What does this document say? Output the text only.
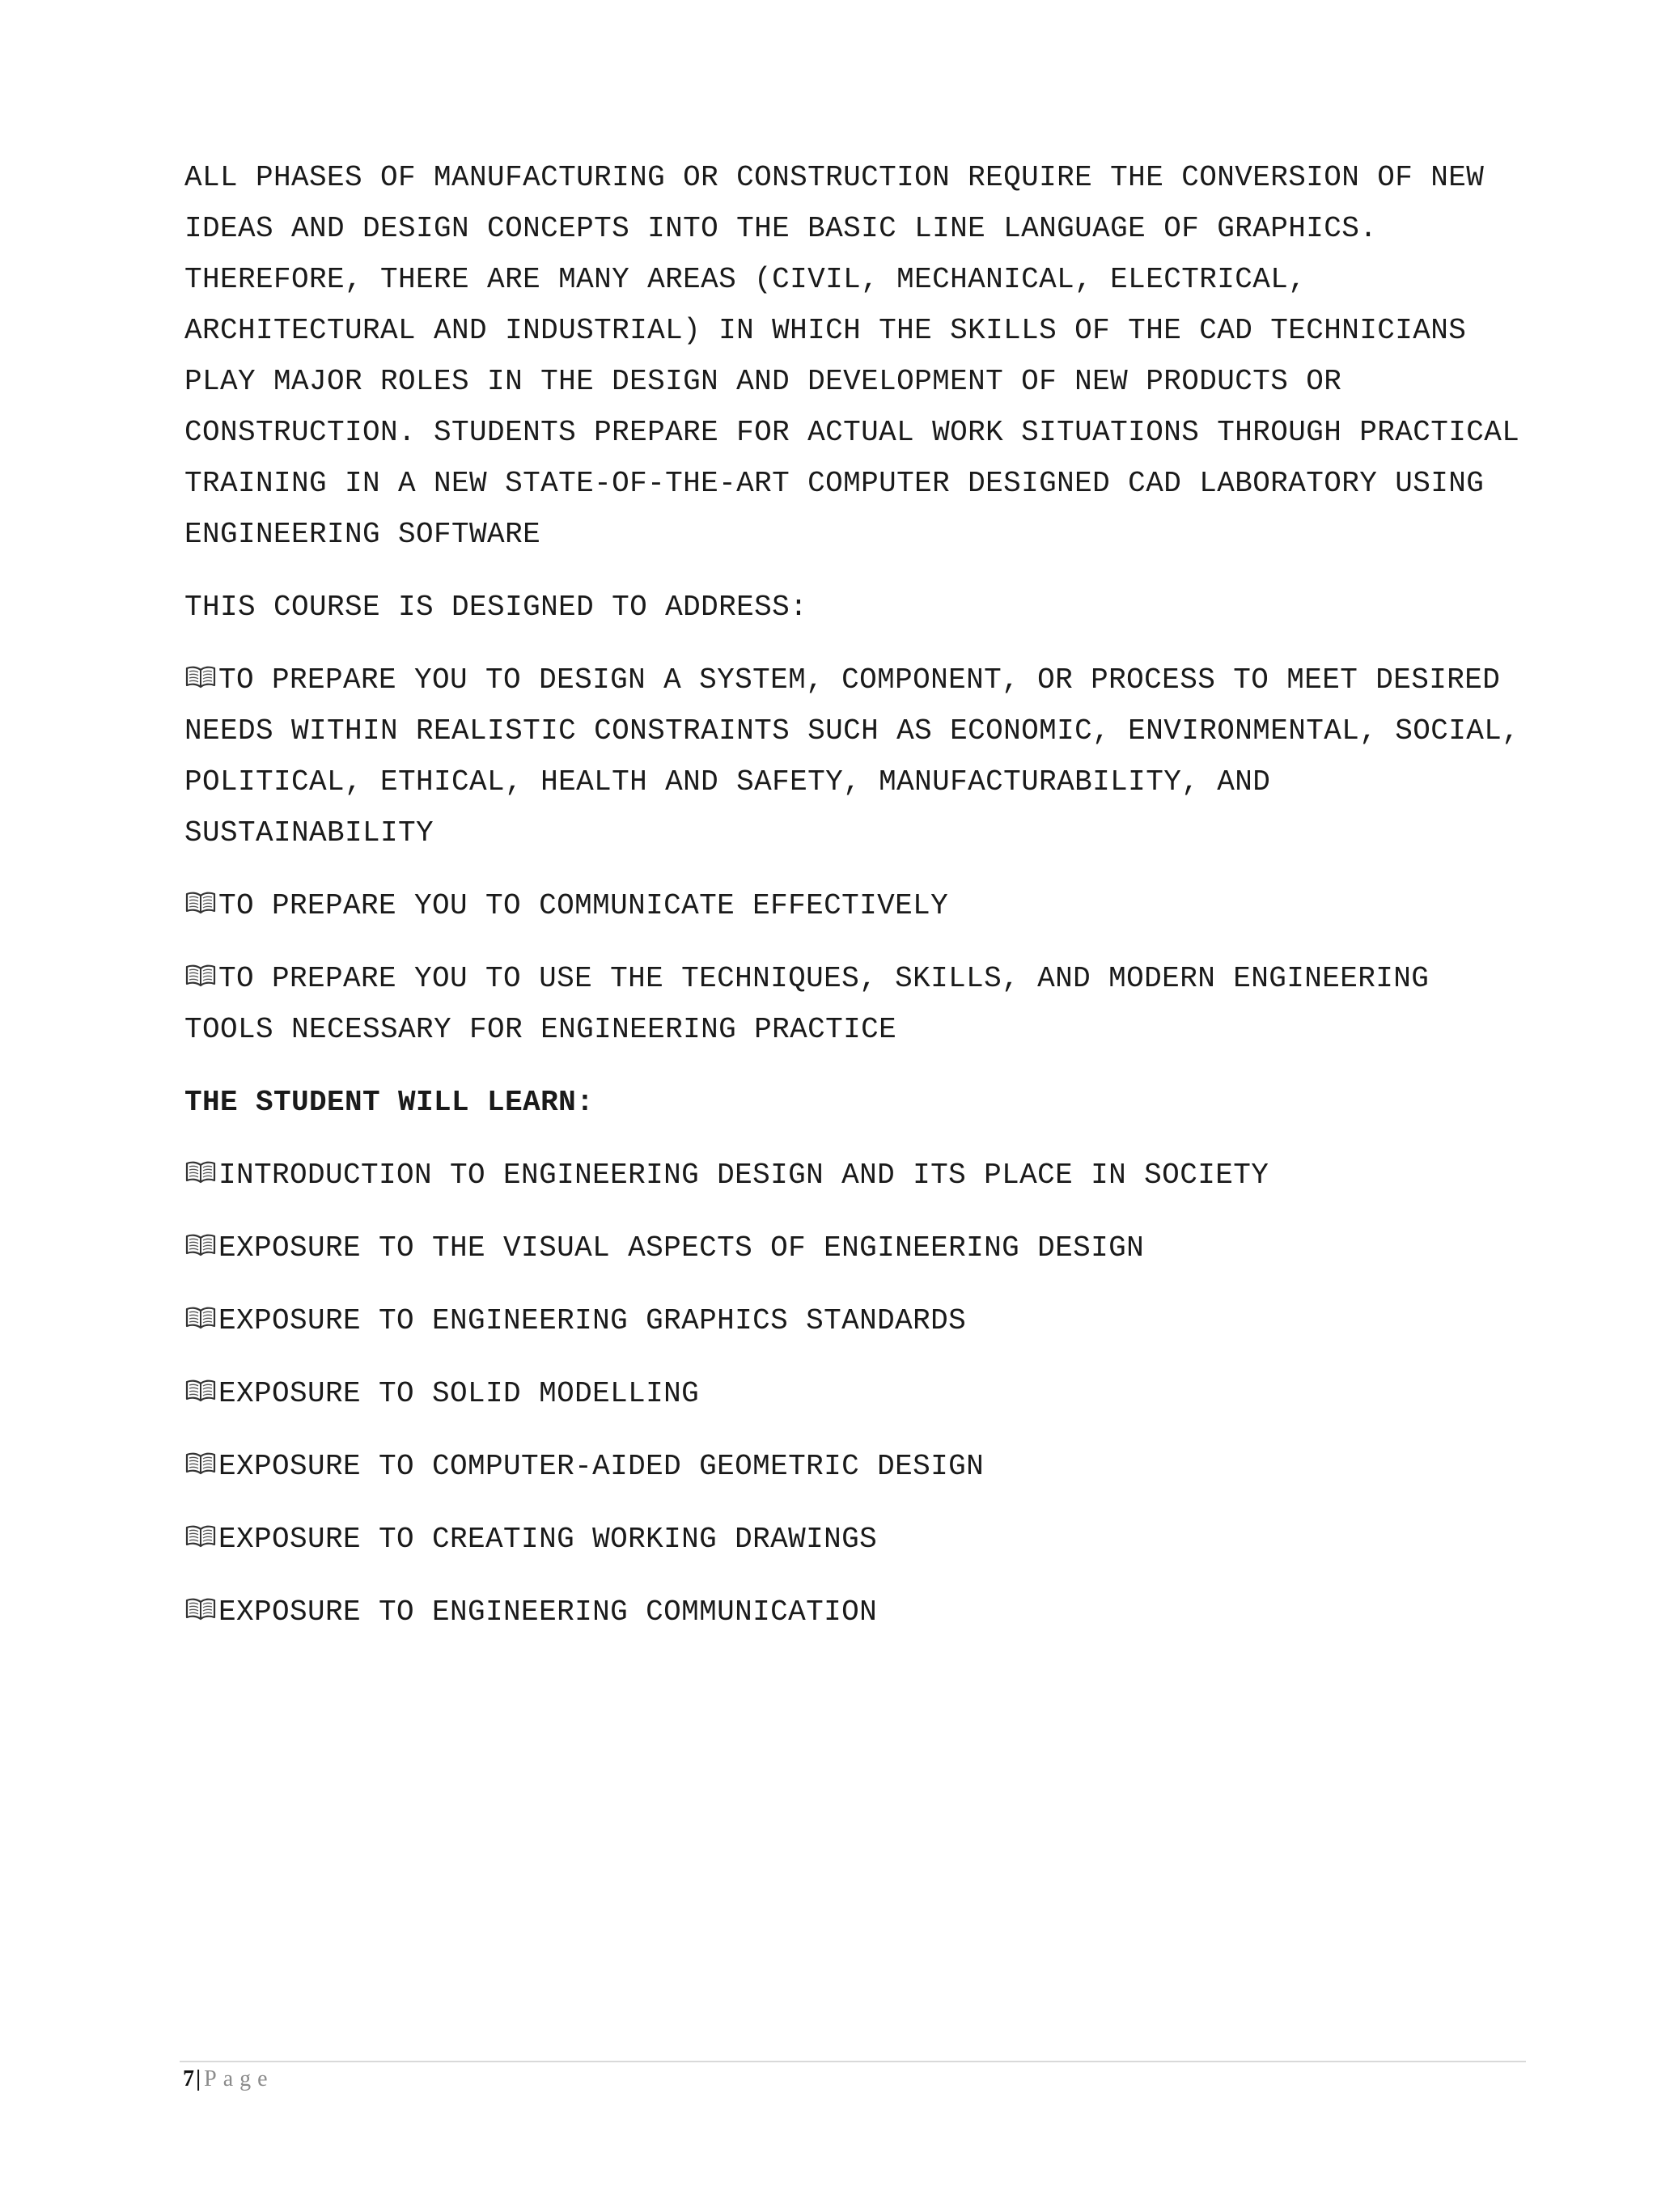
ALL PHASES OF MANUFACTURING OR CONSTRUCTION REQUIRE THE CONVERSION OF NEW IDEAS AND DESIGN CONCEPTS INTO THE BASIC LINE LANGUAGE OF GRAPHICS. THEREFORE, THERE ARE MANY AREAS (CIVIL, MECHANICAL, ELECTRICAL, ARCHITECTURAL AND INDUSTRIAL) IN WHICH THE SKILLS OF THE CAD TECHNICIANS PLAY MAJOR ROLES IN THE DESIGN AND DEVELOPMENT OF NEW PRODUCTS OR CONSTRUCTION. STUDENTS PREPARE FOR ACTUAL WORK SITUATIONS THROUGH PRACTICAL TRAINING IN A NEW STATE-OF-THE-ART COMPUTER DESIGNED CAD LABORATORY USING ENGINEERING SOFTWARE

THIS COURSE IS DESIGNED TO ADDRESS:

TO PREPARE YOU TO DESIGN A SYSTEM, COMPONENT, OR PROCESS TO MEET DESIRED NEEDS WITHIN REALISTIC CONSTRAINTS SUCH AS ECONOMIC, ENVIRONMENTAL, SOCIAL, POLITICAL, ETHICAL, HEALTH AND SAFETY, MANUFACTURABILITY, AND SUSTAINABILITY
TO PREPARE YOU TO COMMUNICATE EFFECTIVELY
TO PREPARE YOU TO USE THE TECHNIQUES, SKILLS, AND MODERN ENGINEERING TOOLS NECESSARY FOR ENGINEERING PRACTICE

THE STUDENT WILL LEARN:

INTRODUCTION TO ENGINEERING DESIGN AND ITS PLACE IN SOCIETY
EXPOSURE TO THE VISUAL ASPECTS OF ENGINEERING DESIGN
EXPOSURE TO ENGINEERING GRAPHICS STANDARDS
EXPOSURE TO SOLID MODELLING
EXPOSURE TO COMPUTER-AIDED GEOMETRIC DESIGN
EXPOSURE TO CREATING WORKING DRAWINGS
EXPOSURE TO ENGINEERING COMMUNICATION
7| Page
